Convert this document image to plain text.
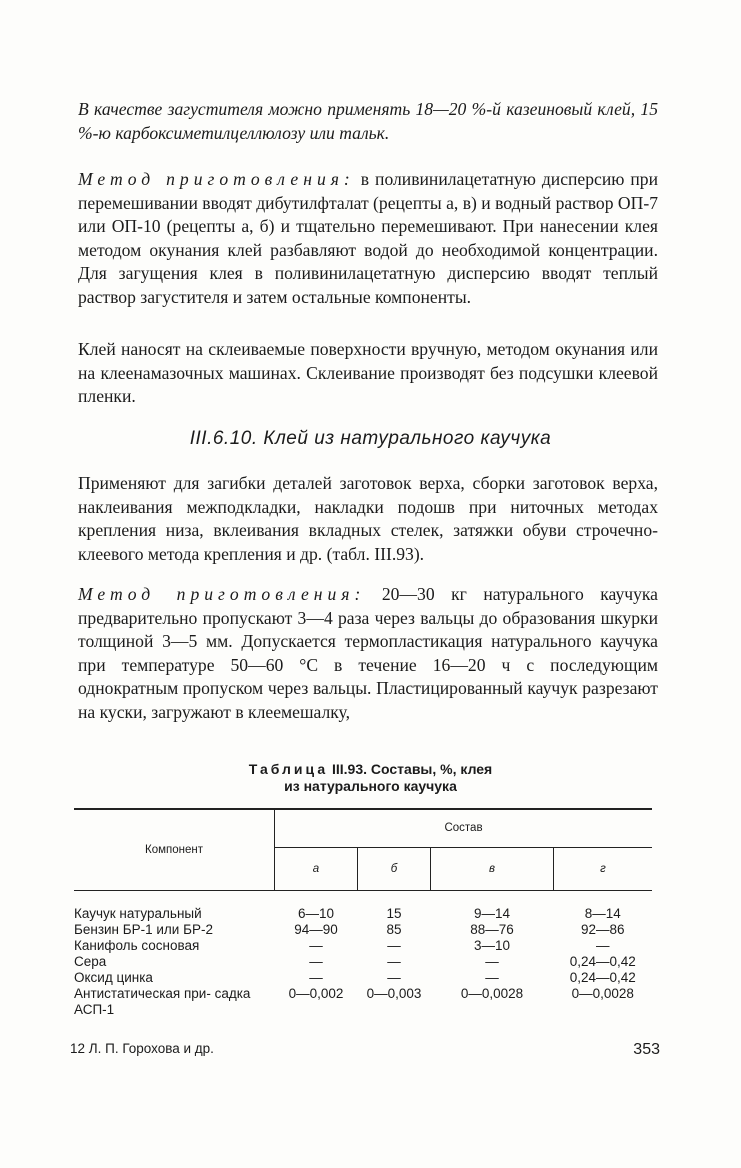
В качестве загустителя можно применять 18—20 %-й казеиновый клей, 15 %-ю карбоксиметилцеллюлозу или тальк.

Метод приготовления: в поливинилацетатную дисперсию при перемешивании вводят дибутилфталат (рецепты а, в) и водный раствор ОП-7 или ОП-10 (рецепты а, б) и тщательно перемешивают. При нанесении клея методом окунания клей разбавляют водой до необходимой концентрации. Для загущения клея в поливинилацетатную дисперсию вводят теплый раствор загустителя и затем остальные компоненты.

Клей наносят на склеиваемые поверхности вручную, методом окунания или на клеенамазочных машинах. Склеивание производят без подсушки клеевой пленки.

III.6.10. Клей из натурального каучука

Применяют для загибки деталей заготовок верха, сборки заготовок верха, наклеивания межподкладки, накладки подошв при ниточных методах крепления низа, вклеивания вкладных стелек, затяжки обуви строчечно-клеевого метода крепления и др. (табл. III.93).

Метод приготовления: 20—30 кг натурального каучука предварительно пропускают 3—4 раза через вальцы до образования шкурки толщиной 3—5 мм. Допускается термопластикация натурального каучука при температуре 50—60 °С в течение 16—20 ч с последующим однократным пропуском через вальцы. Пластицированный каучук разрезают на куски, загружают в клеемешалку,

Таблица III.93. Составы, %, клея
из натурального каучука
Компонент	Состав			
	а	б	в	г

Каучук натуральный	6—10	15	9—14	8—14
Бензин БР-1 или БР-2	94—90	85	88—76	92—86
Канифоль сосновая	—	—	3—10	—
Сера	—	—	—	0,24—0,42
Оксид цинка	—	—	—	0,24—0,42
Антистатическая при- садка АСП-1	0—0,002	0—0,003	0—0,0028	0—0,0028
12 Л. П. Горохова и др.	353
